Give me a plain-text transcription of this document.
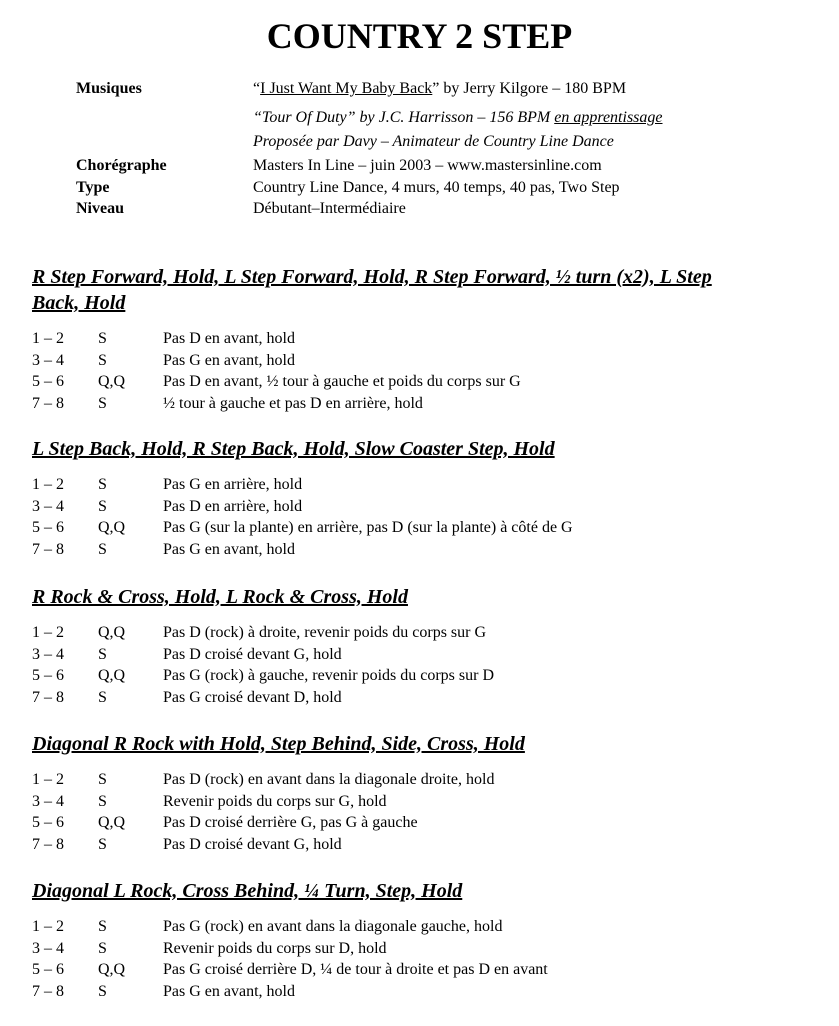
COUNTRY 2 STEP
Musiques	“I Just Want My Baby Back” by Jerry Kilgore – 180 BPM
“Tour Of Duty” by J.C. Harrisson – 156 BPM en apprentissage
Proposée par Davy – Animateur de Country Line Dance
Chorégraphe	Masters In Line – juin 2003 – www.mastersinline.com
Type	Country Line Dance, 4 murs, 40 temps, 40 pas, Two Step
Niveau	Débutant–Intermédiaire
R Step Forward, Hold, L Step Forward, Hold, R Step Forward, ½ turn (x2), L Step
Back, Hold
1 – 2 S	Pas D en avant, hold
3 – 4 S	Pas G en avant, hold
5 – 6 Q,Q Pas D en avant, ½ tour à gauche et poids du corps sur G
7 – 8 S	½ tour à gauche et pas D en arrière, hold
L Step Back, Hold, R Step Back, Hold, Slow Coaster Step, Hold
1 – 2 S	Pas G en arrière, hold
3 – 4 S	Pas D en arrière, hold
5 – 6 Q,Q Pas G (sur la plante) en arrière, pas D (sur la plante) à côté de G
7 – 8 S	Pas G en avant, hold
R Rock & Cross, Hold, L Rock & Cross, Hold
1 – 2 Q,Q Pas D (rock) à droite, revenir poids du corps sur G
3 – 4 S	Pas D croisé devant G, hold
5 – 6 Q,Q Pas G (rock) à gauche, revenir poids du corps sur D
7 – 8 S	Pas G croisé devant D, hold
Diagonal R Rock with Hold, Step Behind, Side, Cross, Hold
1 – 2 S	Pas D (rock) en avant dans la diagonale droite, hold
3 – 4 S	Revenir poids du corps sur G, hold
5 – 6 Q,Q Pas D croisé derrière G, pas G à gauche
7 – 8 S	Pas D croisé devant G, hold
Diagonal L Rock, Cross Behind, ¼ Turn, Step, Hold
1 – 2 S	Pas G (rock) en avant dans la diagonale gauche, hold
3 – 4 S	Revenir poids du corps sur D, hold
5 – 6 Q,Q Pas G croisé derrière D, ¼ de tour à droite et pas D en avant
7 – 8 S	Pas G en avant, hold
